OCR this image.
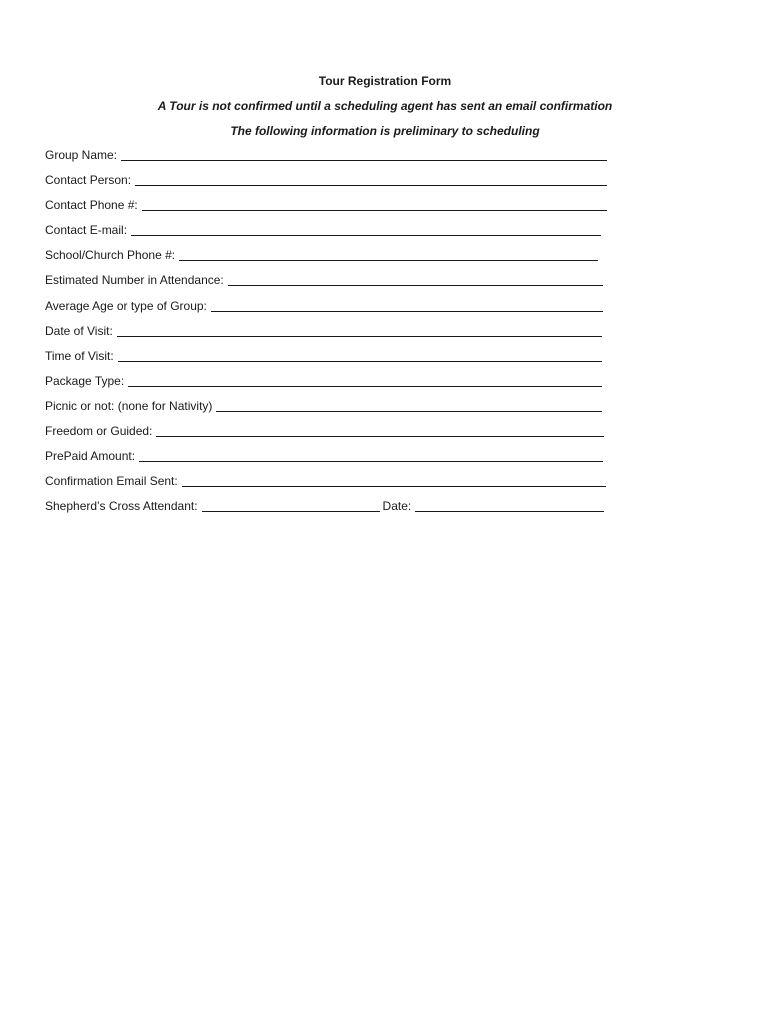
Tour Registration Form
A Tour is not confirmed until a scheduling agent has sent an email confirmation
The following information is preliminary to scheduling
Group Name:
Contact Person:
Contact Phone #:
Contact E-mail:
School/Church Phone #:
Estimated Number in Attendance:
Average Age or type of Group:
Date of Visit:
Time of Visit:
Package Type:
Picnic or not: (none for Nativity)
Freedom or Guided:
PrePaid Amount:
Confirmation Email Sent:
Shepherd’s Cross Attendant:	Date:
